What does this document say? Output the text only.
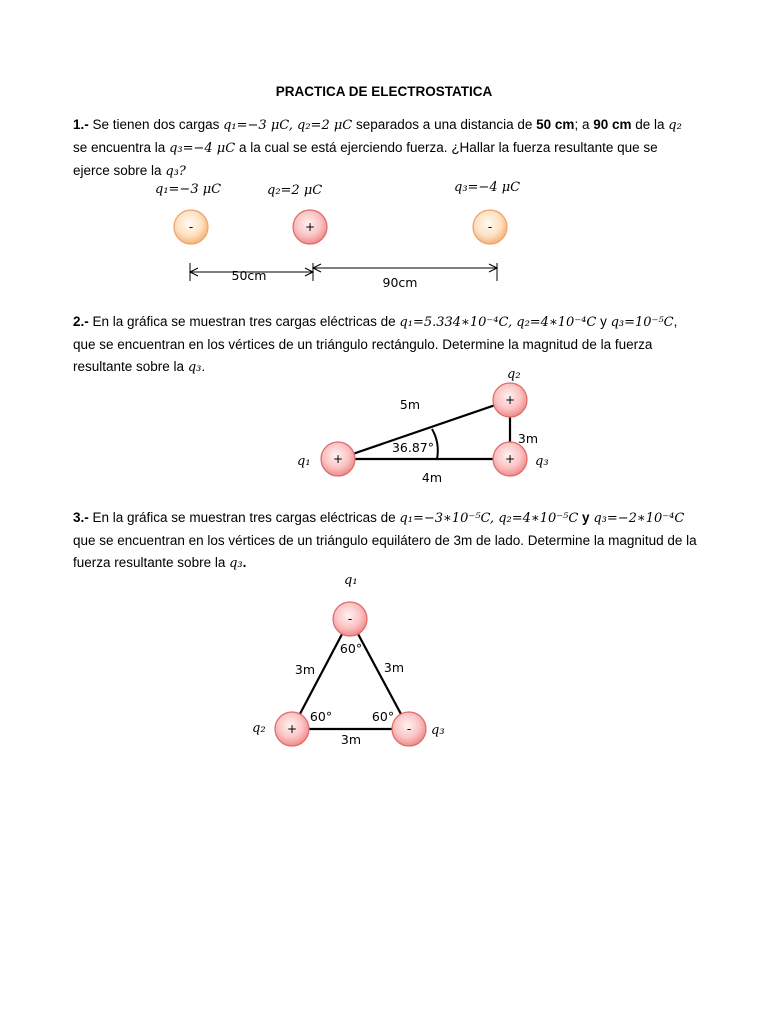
PRACTICA DE ELECTROSTATICA
1.- Se tienen dos cargas q₁=−3 μC, q₂=2 μC separados a una distancia de 50 cm; a 90 cm de la q₂ se encuentra la q₃=−4 μC a la cual se está ejerciendo fuerza. ¿Hallar la fuerza resultante que se ejerce sobre la q₃?
q₁=−3 μC	q₂=2 μC	q₃=−4 μC
-	+	-
50cm	90cm
2.- En la gráfica se muestran tres cargas eléctricas de q₁=5.334∗10⁻⁴C, q₂=4∗10⁻⁴C y q₃=10⁻⁵C, que se encuentran en los vértices de un triángulo rectángulo. Determine la magnitud de la fuerza resultante sobre la q₃.
+
+
+
q₁
q₂
q₃
5m
3m
4m
36.87°
3.- En la gráfica se muestran tres cargas eléctricas de q₁=−3∗10⁻⁵C, q₂=4∗10⁻⁵C y q₃=−2∗10⁻⁴C que se encuentran en los vértices de un triángulo equilátero de 3m de lado. Determine la magnitud de la fuerza resultante sobre la q₃.
-
+	-
q₁
q₂	q₃
3m	3m
3m
60°
60°	60°
